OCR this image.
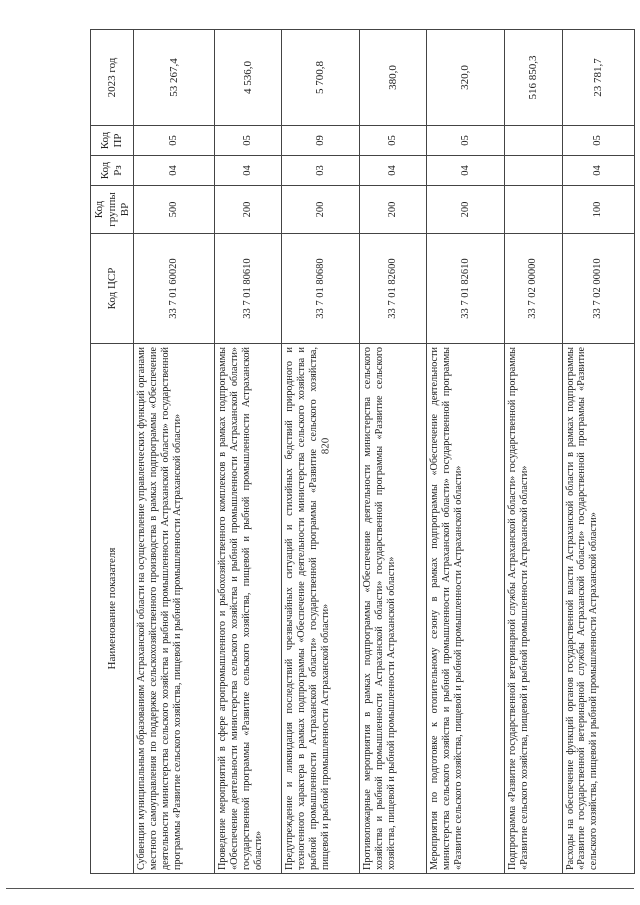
820
Наименование показателя	Код ЦСР	Код группы ВР	Код Рз	Код ПР	2023 год
Субвенции муниципальным образованиям Астраханской области на осуществление управленческих функций органами местного самоуправления по поддержке сельскохозяйственного производства в рамках подпрограммы «Обеспечение деятельности министерства сельского хозяйства и рыбной промышленности Астраханской области» государственной программы «Развитие сельского хозяйства, пищевой и рыбной промышленности Астраханской области»	33 7 01 60020	500	04	05	53 267,4
Проведение мероприятий в сфере агропромышленного и рыбохозяйственного комплексов в рамках подпрограммы «Обеспечение деятельности министерства сельского хозяйства и рыбной промышленности Астраханской области» государственной программы «Развитие сельского хозяйства, пищевой и рыбной промышленности Астраханской области»	33 7 01 80610	200	04	05	4 536,0
Предупреждение и ликвидация последствий чрезвычайных ситуаций и стихийных бедствий природного и техногенного характера в рамках подпрограммы «Обеспечение деятельности министерства сельского хозяйства и рыбной промышленности Астраханской области» государственной программы «Развитие сельского хозяйства, пищевой и рыбной промышленности Астраханской области»	33 7 01 80680	200	03	09	5 700,8
Противопожарные мероприятия в рамках подпрограммы «Обеспечение деятельности министерства сельского хозяйства и рыбной промышленности Астраханской области» государственной программы «Развитие сельского хозяйства, пищевой и рыбной промышленности Астраханской области»	33 7 01 82600	200	04	05	380,0
Мероприятия по подготовке к отопительному сезону в рамках подпрограммы «Обеспечение деятельности министерства сельского хозяйства и рыбной промышленности Астраханской области» государственной программы «Развитие сельского хозяйства, пищевой и рыбной промышленности Астраханской области»	33 7 01 82610	200	04	05	320,0
Подпрограмма «Развитие государственной ветеринарной службы Астраханской области» государственной программы «Развитие сельского хозяйства, пищевой и рыбной промышленности Астраханской области»	33 7 02 00000				516 850,3
Расходы на обеспечение функций органов государственной власти Астраханской области в рамках подпрограммы «Развитие государственной ветеринарной службы Астраханской области» государственной программы «Развитие сельского хозяйства, пищевой и рыбной промышленности Астраханской области»	33 7 02 00010	100	04	05	23 781,7
